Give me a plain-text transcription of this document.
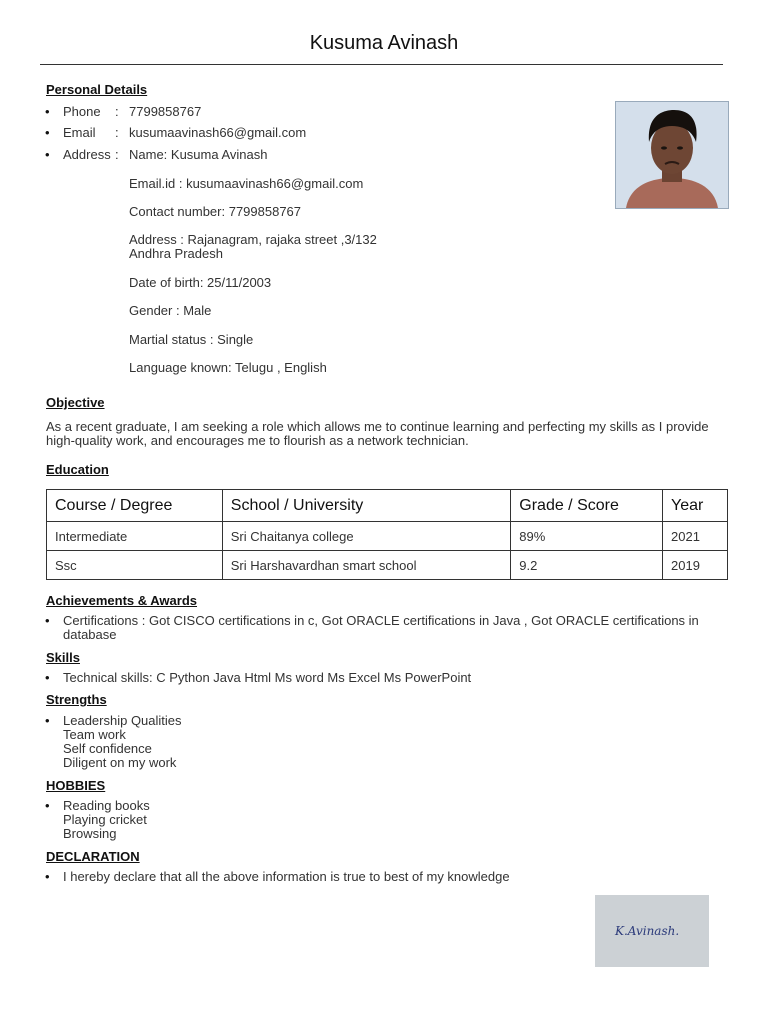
Kusuma Avinash
Personal Details
• Phone : 7799858767
• Email : kusumaavinash66@gmail.com
• Address : Name: Kusuma Avinash
Email.id : kusumaavinash66@gmail.com
Contact number: 7799858767
Address : Rajanagram, rajaka street ,3/132
Andhra Pradesh
Date of birth: 25/11/2003
Gender : Male
Martial status : Single
Language known: Telugu , English
Objective
As a recent graduate, I am seeking a role which allows me to continue learning and perfecting my skills as I provide high-quality work, and encourages me to flourish as a network technician.
Education
Course / Degree	School / University	Grade / Score	Year
Intermediate	Sri Chaitanya college	89%	2021
Ssc	Sri Harshavardhan smart school	9.2	2019
Achievements & Awards
• Certifications : Got CISCO certifications in c, Got ORACLE certifications in Java , Got ORACLE certifications in
database
Skills
• Technical skills: C Python Java Html Ms word Ms Excel Ms PowerPoint
Strengths
• Leadership Qualities
Team work
Self confidence
Diligent on my work
HOBBIES
• Reading books
Playing cricket
Browsing
DECLARATION
• I hereby declare that all the above information is true to best of my knowledge
K.Avinash.
